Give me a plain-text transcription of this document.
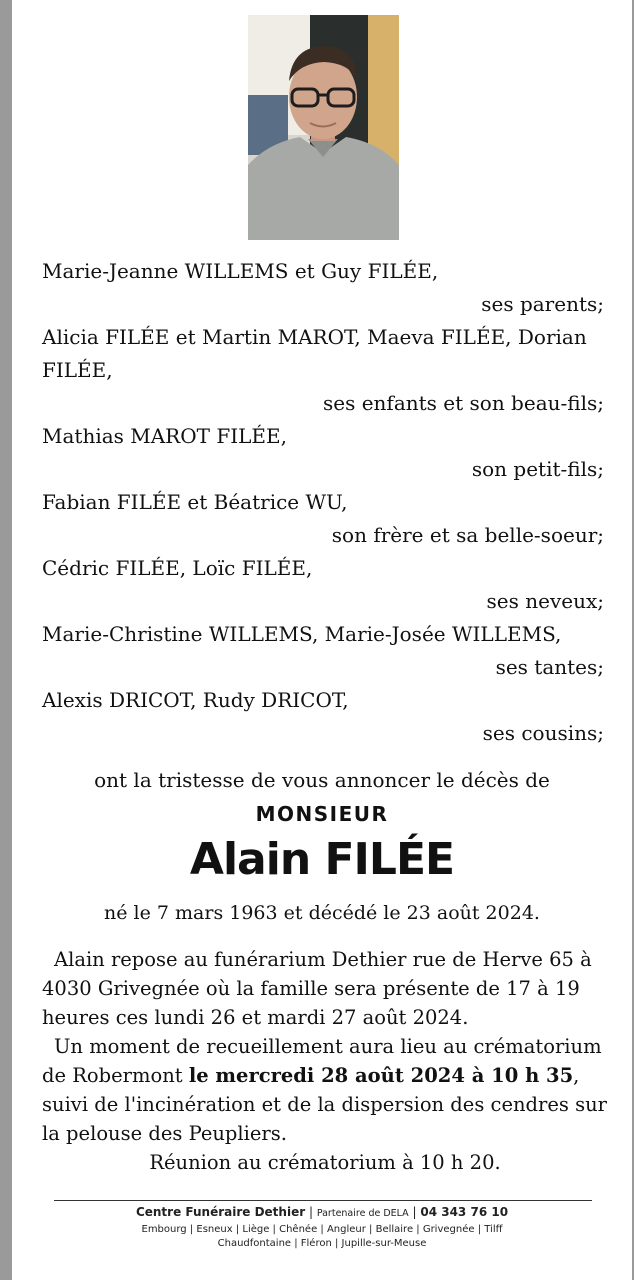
Marie-Jeanne WILLEMS et Guy FILÉE,
ses parents;
Alicia FILÉE et Martin MAROT, Maeva FILÉE, Dorian FILÉE,
ses enfants et son beau-fils;
Mathias MAROT FILÉE,
son petit-fils;
Fabian FILÉE et Béatrice WU,
son frère et sa belle-soeur;
Cédric FILÉE, Loïc FILÉE,
ses neveux;
Marie-Christine WILLEMS, Marie-Josée WILLEMS,
ses tantes;
Alexis DRICOT, Rudy DRICOT,
ses cousins;
ont la tristesse de vous annoncer le décès de
MONSIEUR
Alain FILÉE
né le 7 mars 1963 et décédé le 23 août 2024.

Alain repose au funérarium Dethier rue de Herve 65 à 4030 Grivegnée où la famille sera présente de 17 à 19 heures ces lundi 26 et mardi 27 août 2024.

Un moment de recueillement aura lieu au crématorium de Robermont le mercredi 28 août 2024 à 10 h 35, suivi de l'incinération et de la dispersion des cendres sur la pelouse des Peupliers.

Réunion au crématorium à 10 h 20.

Centre Funéraire Dethier | Partenaire de DELA | 04 343 76 10
Embourg | Esneux | Liège | Chênée | Angleur | Bellaire | Grivegnée | Tilff
Chaudfontaine | Fléron | Jupille-sur-Meuse
